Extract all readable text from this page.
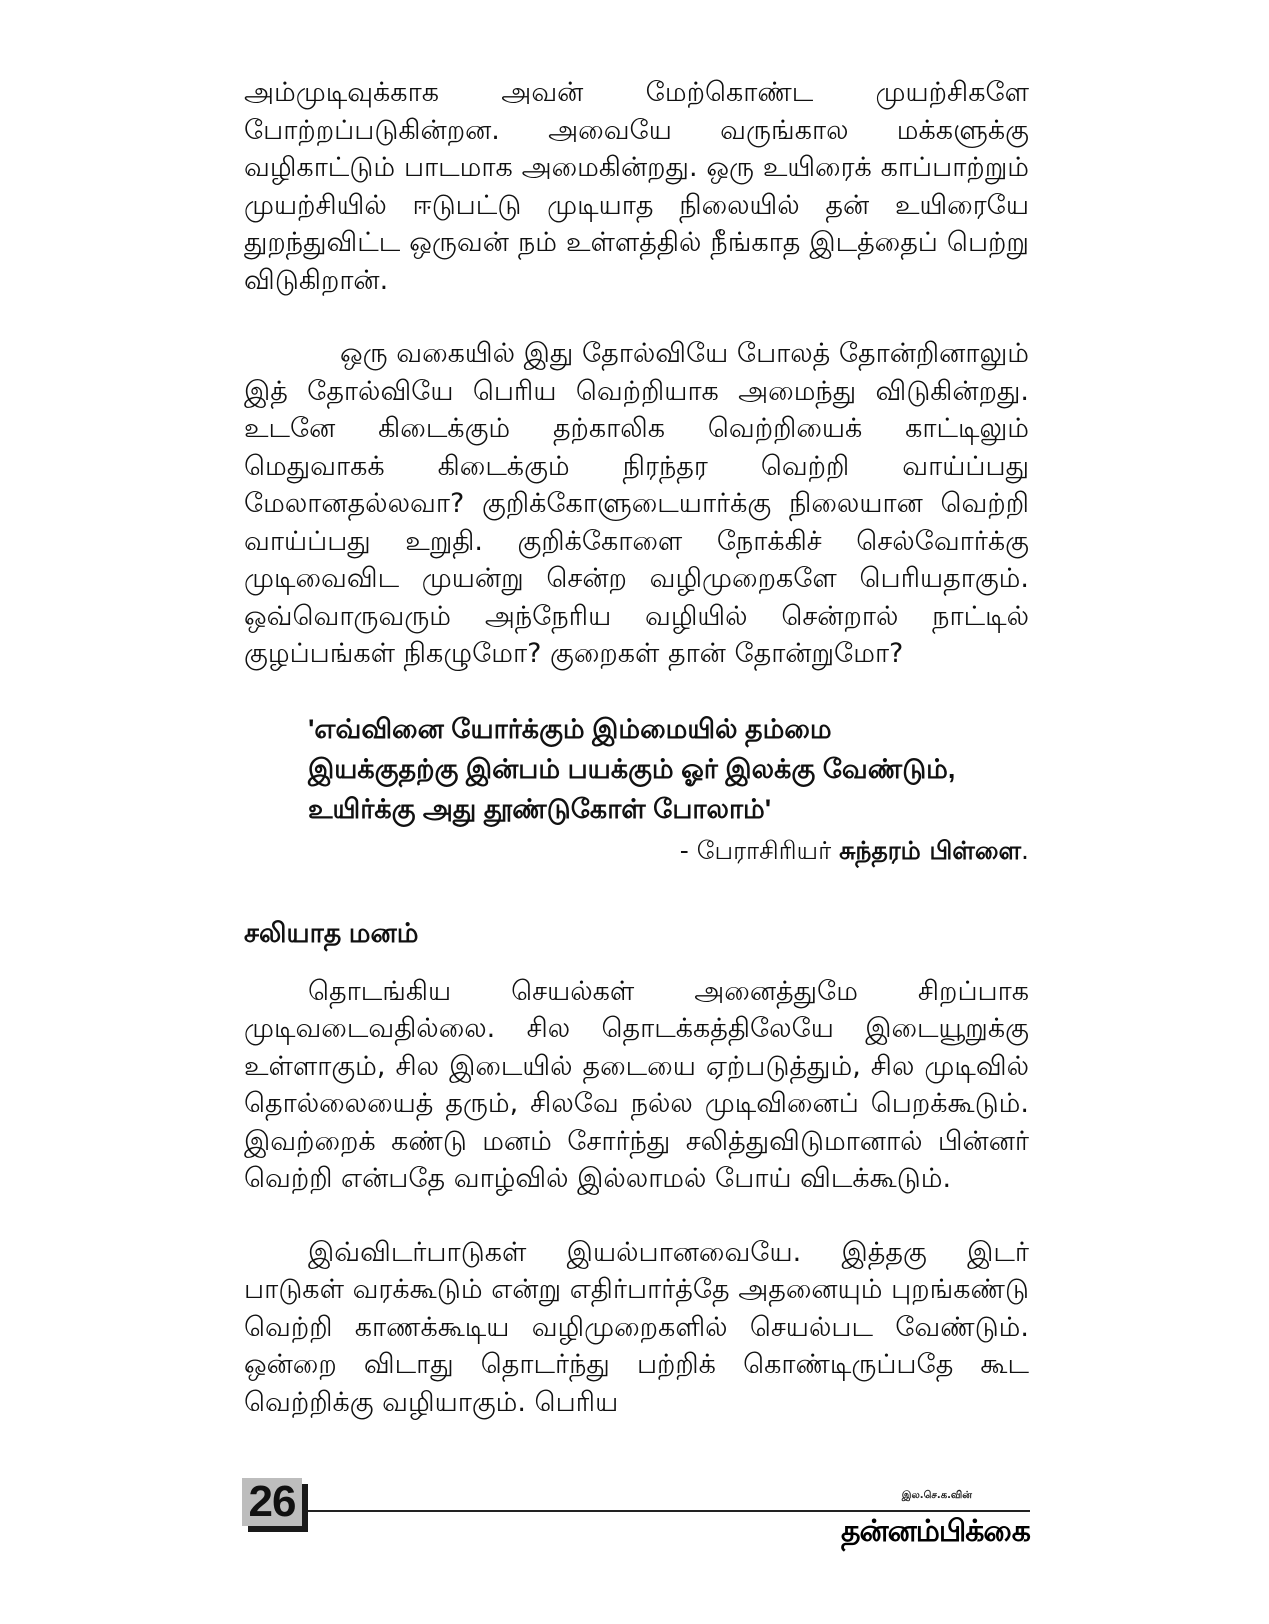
அம்முடிவுக்காக அவன் மேற்கொண்ட முயற்சிகளே போற்றப்படுகின்றன. அவையே வருங்கால மக்களுக்கு வழிகாட்டும் பாடமாக அமைகின்றது. ஒரு உயிரைக் காப்பாற்றும் முயற்சியில் ஈடுபட்டு முடியாத நிலையில் தன் உயிரையே துறந்துவிட்ட ஒருவன் நம் உள்ளத்தில் நீங்காத இடத்தைப் பெற்று விடுகிறான்.

ஒரு வகையில் இது தோல்வியே போலத் தோன்றினாலும் இத் தோல்வியே பெரிய வெற்றியாக அமைந்து விடுகின்றது. உடனே கிடைக்கும் தற்காலிக வெற்றியைக் காட்டிலும் மெதுவாகக் கிடைக்கும் நிரந்தர வெற்றி வாய்ப்பது மேலானதல்லவா? குறிக்கோளுடையார்க்கு நிலையான வெற்றி வாய்ப்பது உறுதி. குறிக்கோளை நோக்கிச் செல்வோர்க்கு முடிவைவிட முயன்று சென்ற வழிமுறைகளே பெரியதாகும். ஒவ்வொருவரும் அந்நேரிய வழியில் சென்றால் நாட்டில் குழப்பங்கள் நிகழுமோ? குறைகள் தான் தோன்றுமோ?

'எவ்வினை யோர்க்கும் இம்மையில் தம்மை
இயக்குதற்கு இன்பம் பயக்கும் ஓர் இலக்கு வேண்டும்,
உயிர்க்கு அது தூண்டுகோள் போலாம்'
- பேராசிரியர் சுந்தரம் பிள்ளை.
சலியாத மனம்

தொடங்கிய செயல்கள் அனைத்துமே சிறப்பாக முடிவடைவதில்லை. சில தொடக்கத்திலேயே இடையூறுக்கு உள்ளாகும், சில இடையில் தடையை ஏற்படுத்தும், சில முடிவில் தொல்லையைத் தரும், சிலவே நல்ல முடிவினைப் பெறக்கூடும். இவற்றைக் கண்டு மனம் சோர்ந்து சலித்துவிடுமானால் பின்னர் வெற்றி என்பதே வாழ்வில் இல்லாமல் போய் விடக்கூடும்.

இவ்விடர்பாடுகள் இயல்பானவையே. இத்தகு இடர் பாடுகள் வரக்கூடும் என்று எதிர்பார்த்தே அதனையும் புறங்கண்டு வெற்றி காணக்கூடிய வழிமுறைகளில் செயல்பட வேண்டும். ஒன்றை விடாது தொடர்ந்து பற்றிக் கொண்டிருப்பதே கூட வெற்றிக்கு வழியாகும். பெரிய

26	இல.செ.க.வின்
தன்னம்பிக்கை
